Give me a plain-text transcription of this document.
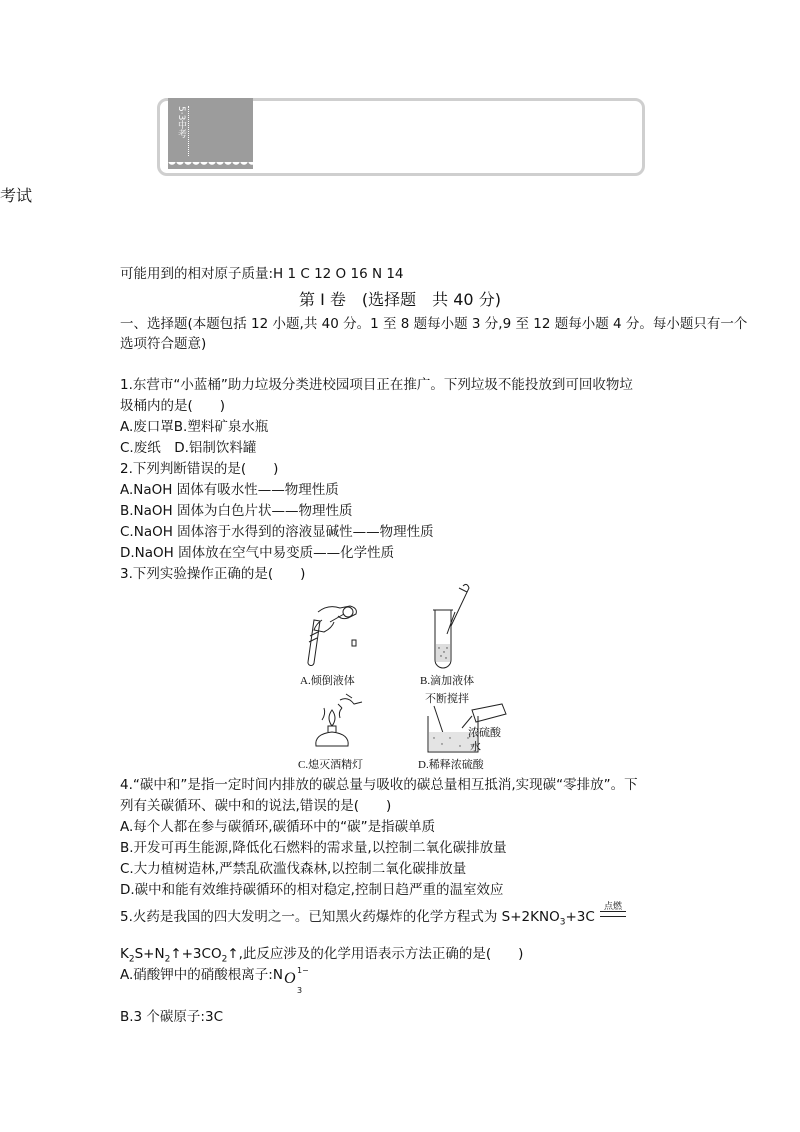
5·3中考
考试
可能用到的相对原子质量:H 1 C 12 O 16 N 14
第 I 卷　(选择题　共 40 分)
一、选择题(本题包括 12 小题,共 40 分。1 至 8 题每小题 3 分,9 至 12 题每小题 4 分。每小题只有一个
选项符合题意)
1.东营市“小蓝桶”助力垃圾分类进校园项目正在推广。下列垃圾不能投放到可回收物垃
圾桶内的是(　　)
A.废口罩B.塑料矿泉水瓶
C.废纸　D.铝制饮料罐
2.下列判断错误的是(　　)
A.NaOH 固体有吸水性——物理性质
B.NaOH 固体为白色片状——物理性质
C.NaOH 固体溶于水得到的溶液显碱性——物理性质
D.NaOH 固体放在空气中易变质——化学性质
3.下列实验操作正确的是(　　)
A.倾倒液体	B.滴加液体
C.熄灭酒精灯
不断搅拌
浓硫酸
水
D.稀释浓硫酸
4.“碳中和”是指一定时间内排放的碳总量与吸收的碳总量相互抵消,实现碳“零排放”。下
列有关碳循环、碳中和的说法,错误的是(　　)
A.每个人都在参与碳循环,碳循环中的“碳”是指碳单质
B.开发可再生能源,降低化石燃料的需求量,以控制二氧化碳排放量
C.大力植树造林,严禁乱砍滥伐森林,以控制二氧化碳排放量
D.碳中和能有效维持碳循环的相对稳定,控制日趋严重的温室效应
5.火药是我国的四大发明之一。已知黑火药爆炸的化学方程式为 $S+2KNO_3+3C$
点燃
$K_2S+N_2↑+3CO_2↑$,此反应涉及的化学用语表示方法正确的是(　　)
A.硝酸钾中的硝酸根离子:N O 1−
3
B.3 个碳原子:3C
